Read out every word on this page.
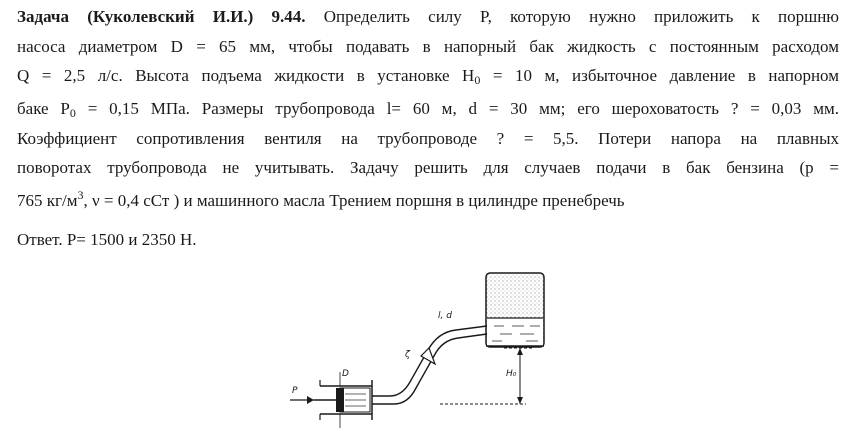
Задача (Куколевский И.И.) 9.44. Определить силу P, которую нужно приложить к поршню
насоса диаметром D = 65 мм, чтобы подавать в напорный бак жидкость с постоянным расходом
Q = 2,5 л/с. Высота подъема жидкости в установке $H_0 = 10$ м, избыточное давление в напорном
баке $P_0 = 0,15$ МПа. Размеры трубопровода l= 60 м, d = 30 мм; его шероховатость ? = 0,03 мм.
Коэффициент сопротивления вентиля на трубопроводе ? = 5,5. Потери напора на плавных
поворотах трубопровода не учитывать. Задачу решить для случаев подачи в бак бензина (р =
765 $кг/м^3$, ν = 0,4 сСт ) и машинного масла Трением поршня в цилиндре пренебречь
Ответ. P= 1500 и 2350 Н.
P
D
l, d
ζ
H₀
